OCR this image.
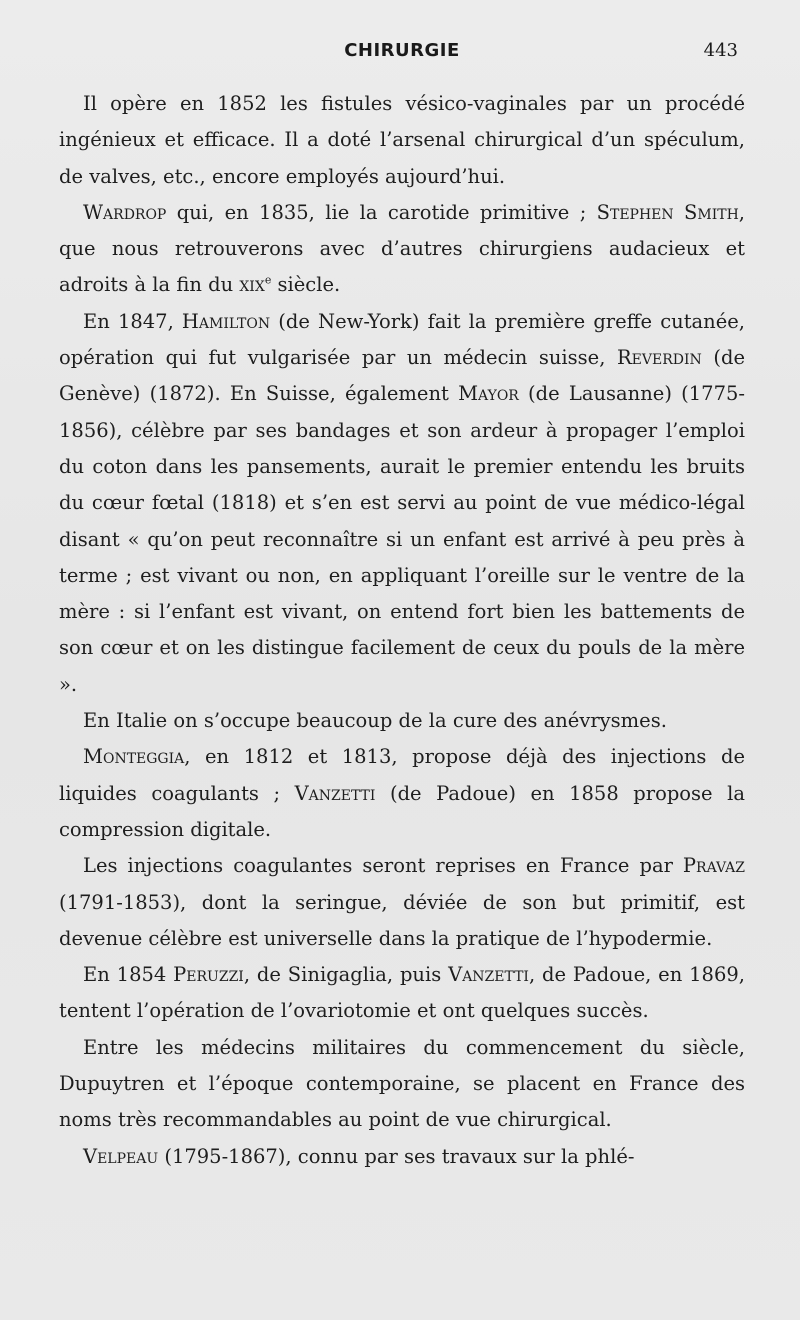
CHIRURGIE	443

Il opère en 1852 les fistules vésico-vaginales par un procédé ingénieux et efficace. Il a doté l’arsenal chirurgical d’un spéculum, de valves, etc., encore employés aujourd’hui.

Wardrop qui, en 1835, lie la carotide primitive ; Stephen Smith, que nous retrouverons avec d’autres chirurgiens audacieux et adroits à la fin du xix$^e$ siècle.

En 1847, Hamilton (de New-York) fait la première greffe cutanée, opération qui fut vulgarisée par un médecin suisse, Reverdin (de Genève) (1872). En Suisse, également Mayor (de Lausanne) (1775-1856), célèbre par ses bandages et son ardeur à propager l’emploi du coton dans les pansements, aurait le premier entendu les bruits du cœur fœtal (1818) et s’en est servi au point de vue médico-légal disant « qu’on peut reconnaître si un enfant est arrivé à peu près à terme ; est vivant ou non, en appliquant l’oreille sur le ventre de la mère : si l’enfant est vivant, on entend fort bien les battements de son cœur et on les distingue facilement de ceux du pouls de la mère ».

En Italie on s’occupe beaucoup de la cure des anévrysmes.

Monteggia, en 1812 et 1813, propose déjà des injections de liquides coagulants ; Vanzetti (de Padoue) en 1858 propose la compression digitale.

Les injections coagulantes seront reprises en France par Pravaz (1791-1853), dont la seringue, déviée de son but primitif, est devenue célèbre est universelle dans la pratique de l’hypodermie.

En 1854 Peruzzi, de Sinigaglia, puis Vanzetti, de Padoue, en 1869, tentent l’opération de l’ovariotomie et ont quelques succès.

Entre les médecins militaires du commencement du siècle, Dupuytren et l’époque contemporaine, se placent en France des noms très recommandables au point de vue chirurgical.

Velpeau (1795-1867), connu par ses travaux sur la phlé-
